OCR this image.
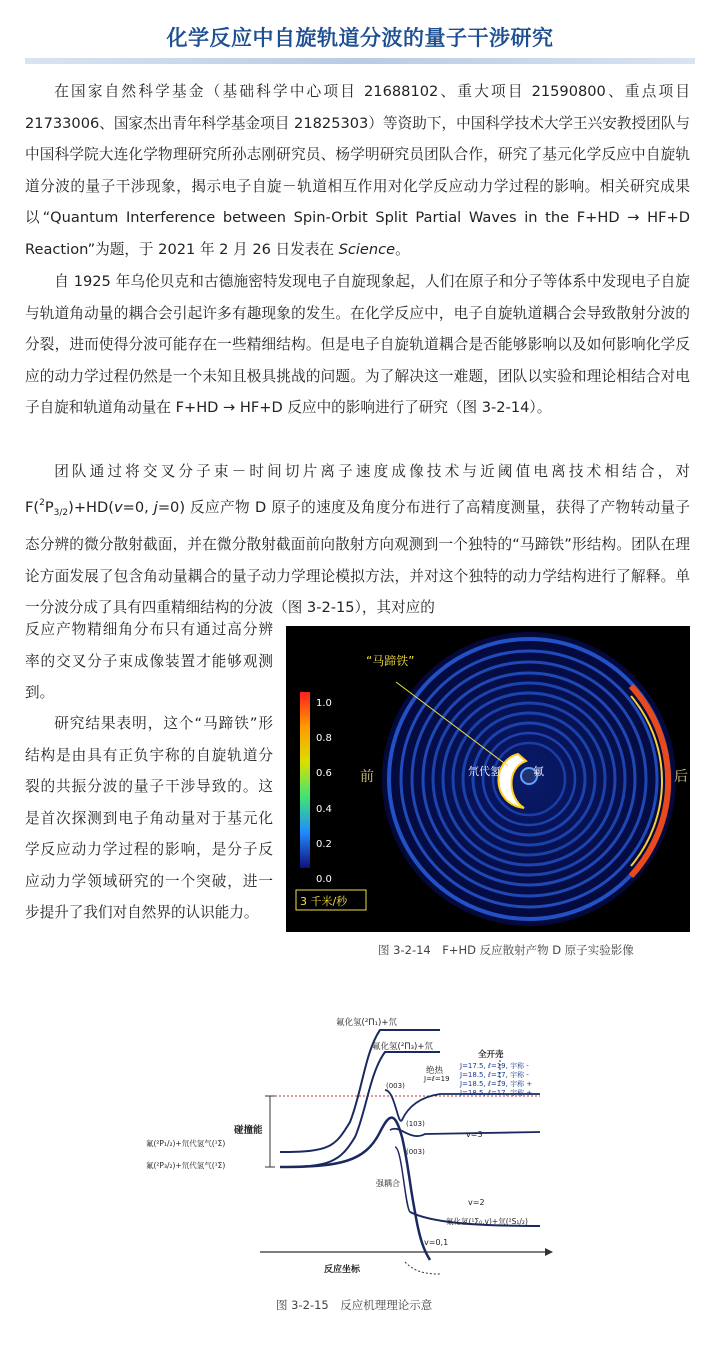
化学反应中自旋轨道分波的量子干涉研究

在国家自然科学基金（基础科学中心项目 21688102、重大项目 21590800、重点项目 21733006、国家杰出青年科学基金项目 21825303）等资助下，中国科学技术大学王兴安教授团队与中国科学院大连化学物理研究所孙志刚研究员、杨学明研究员团队合作，研究了基元化学反应中自旋轨道分波的量子干涉现象，揭示电子自旋－轨道相互作用对化学反应动力学过程的影响。相关研究成果以“Quantum Interference between Spin-Orbit Split Partial Waves in the F+HD → HF+D Reaction”为题，于 2021 年 2 月 26 日发表在 Science。

自 1925 年乌伦贝克和古德施密特发现电子自旋现象起，人们在原子和分子等体系中发现电子自旋与轨道角动量的耦合会引起许多有趣现象的发生。在化学反应中，电子自旋轨道耦合会导致散射分波的分裂，进而使得分波可能存在一些精细结构。但是电子自旋轨道耦合是否能够影响以及如何影响化学反应的动力学过程仍然是一个未知且极具挑战的问题。为了解决这一难题，团队以实验和理论相结合对电子自旋和轨道角动量在 F+HD → HF+D 反应中的影响进行了研究（图 3-2-14）。

团队通过将交叉分子束－时间切片离子速度成像技术与近阈值电离技术相结合，对 $F(^2P_{3/2})+HD(v=0$, j=0) 反应产物 D 原子的速度及角度分布进行了高精度测量，获得了产物转动量子态分辨的微分散射截面，并在微分散射截面前向散射方向观测到一个独特的“马蹄铁”形结构。团队在理论方面发展了包含角动量耦合的量子动力学理论模拟方法，并对这个独特的动力学结构进行了解释。单一分波分成了具有四重精细结构的分波（图 3-2-15），其对应的

反应产物精细角分布只有通过高分辨率的交叉分子束成像装置才能够观测到。

研究结果表明，这个“马蹄铁”形结构是由具有正负宇称的自旋轨道分裂的共振分波的量子干涉导致的。这是首次探测到电子角动量对于基元化学反应动力学过程的影响，是分子反应动力学领域研究的一个突破，进一步提升了我们对自然界的认识能力。

“马蹄铁”
氘代氢气 氟
前	后
1.0
0.8
0.6
0.4
0.2
0.0
3 千米/秒
图 3-2-14　F+HD 反应散射产物 D 原子实验影像
氟化氢(²Π₁)+氘
氟化氢(²Π₃)+氘
全开壳
绝热
J=ℓ=19
J=17.5, ℓ=19, 宇称 -
J=18.5, ℓ=17, 宇称 -
J=18.5, ℓ=19, 宇称 +
J=18.5, ℓ=17, 宇称 +
(003)
(103)
(003)
v=3
v=2
v=0,1
碰撞能
氟(²P₁/₂)+氘代氢气(¹Σ)
氟(²P₃/₂)+氘代氢气(¹Σ)
强耦合
氟化氢(¹Σ₀,v)+氘(²S₁/₂)
反应坐标
图 3-2-15　反应机理理论示意
